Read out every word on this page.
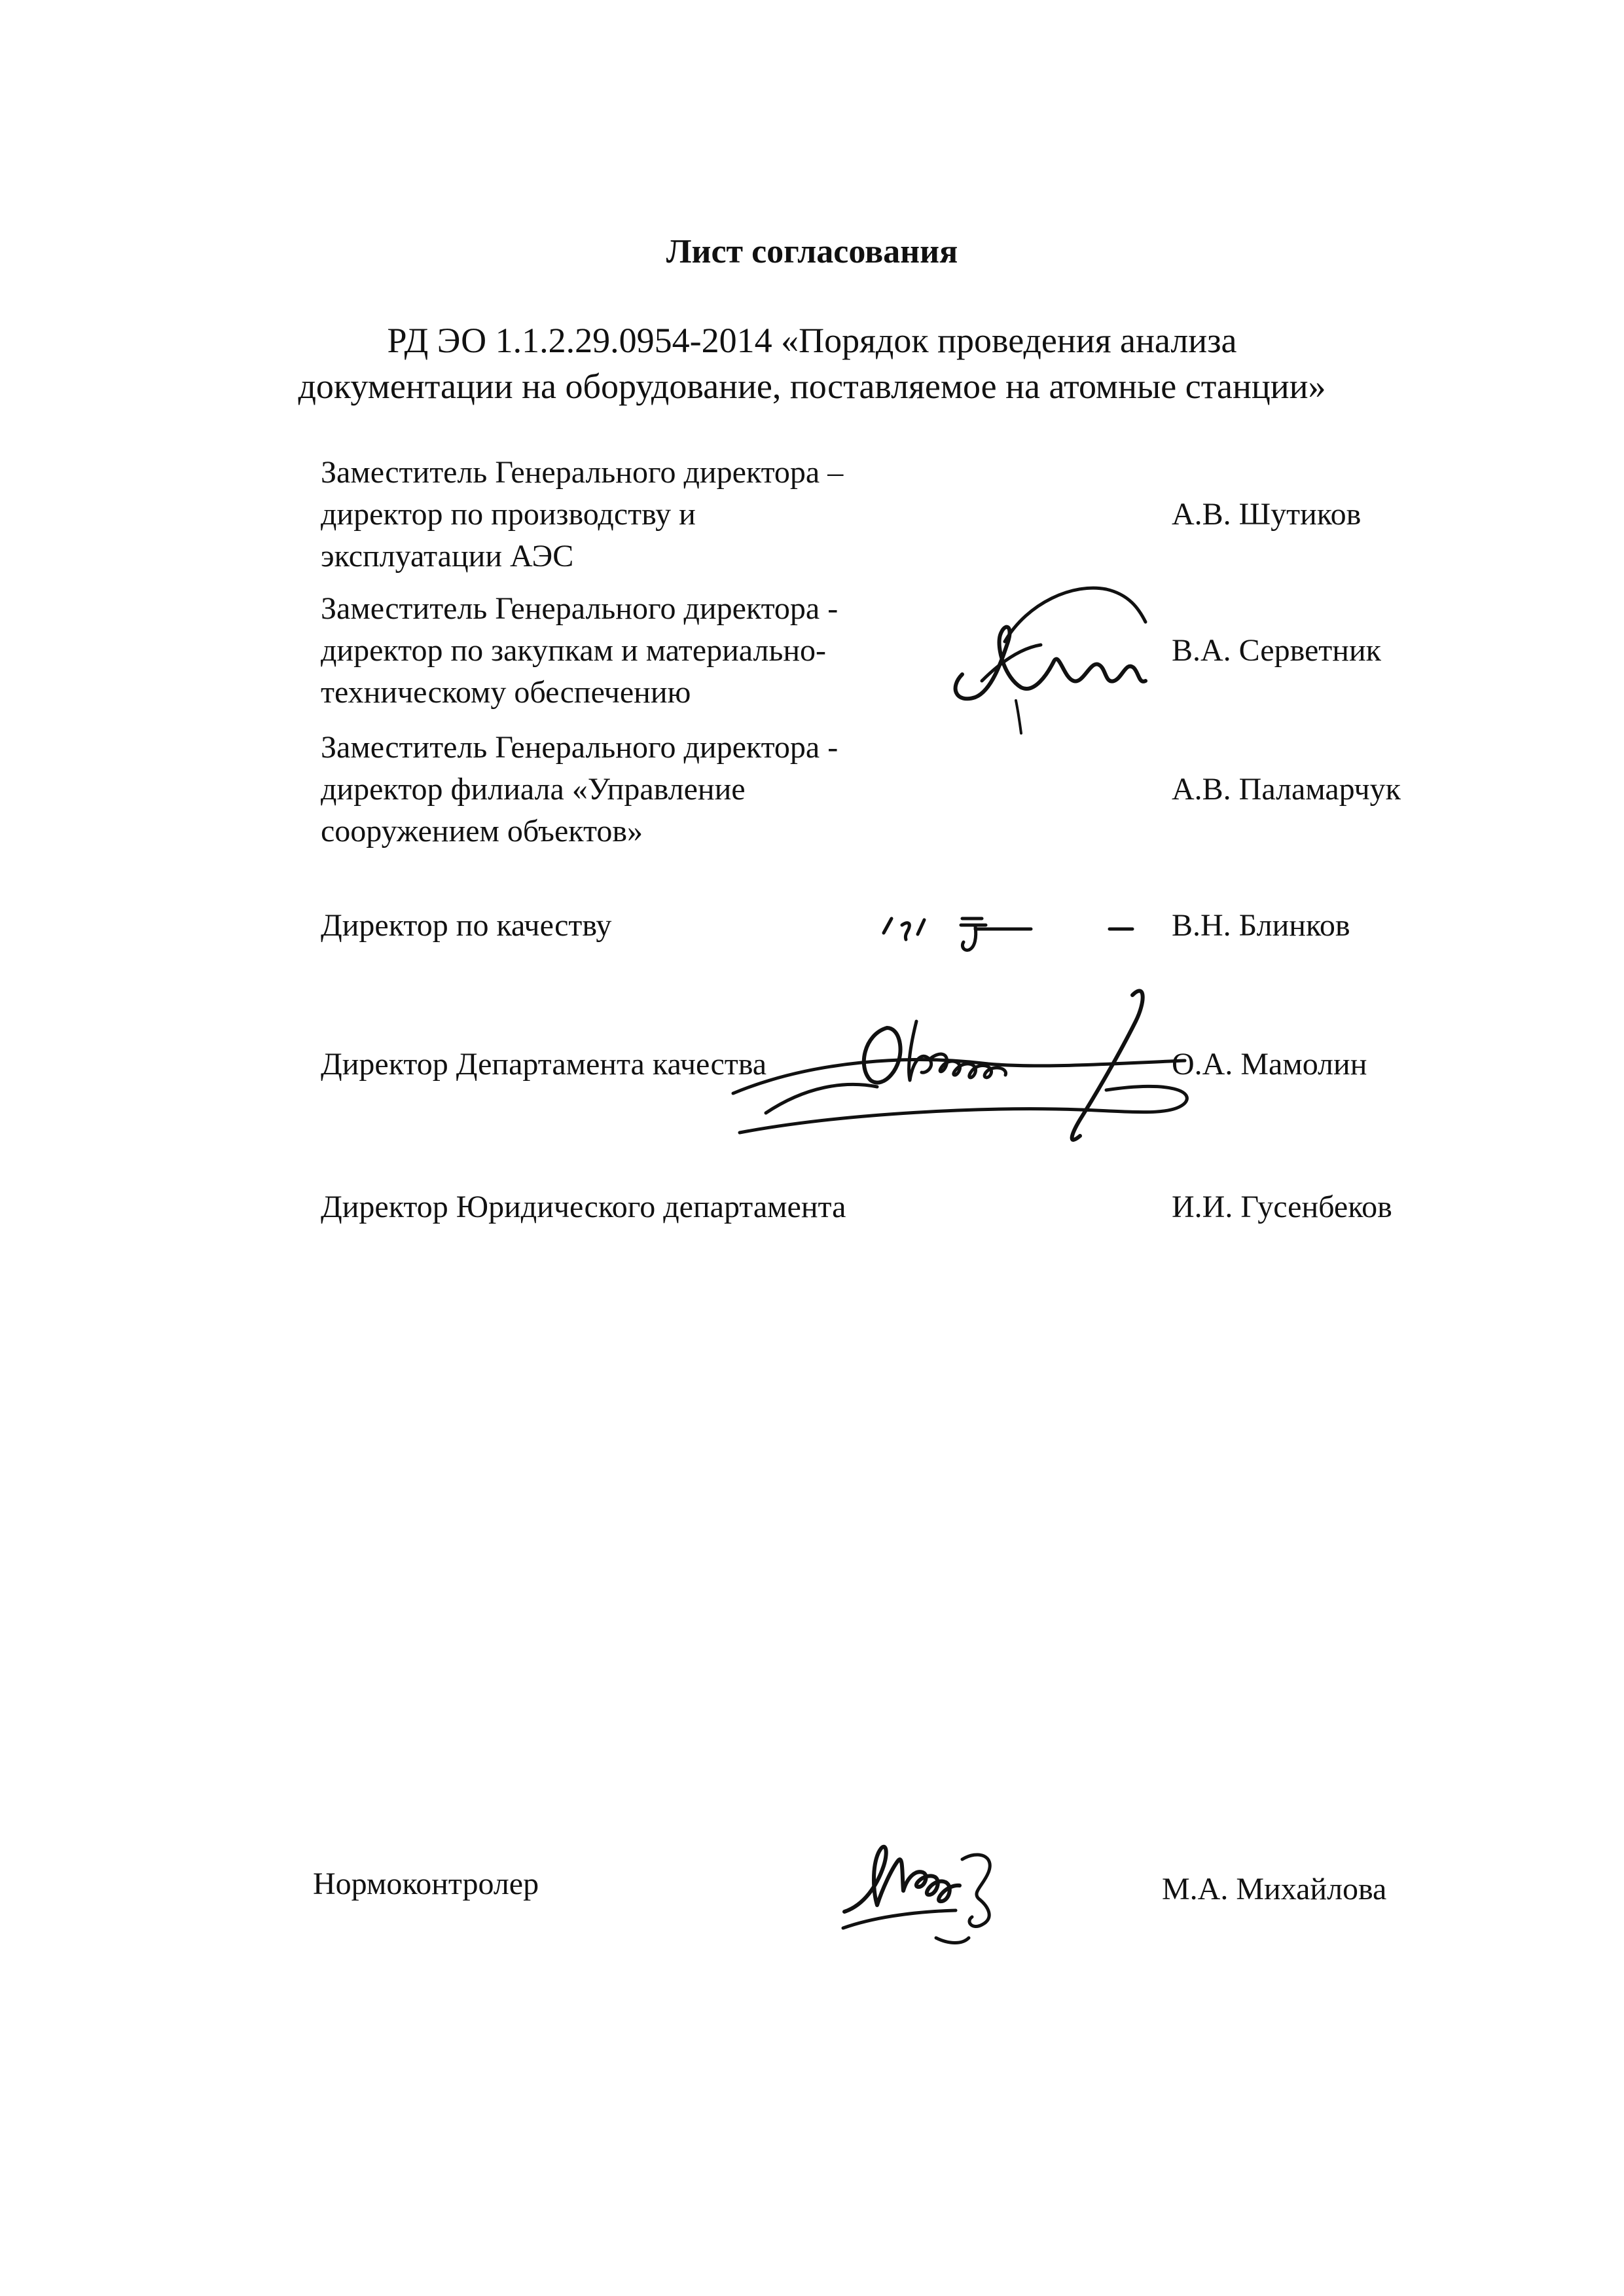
Лист согласования
РД ЭО 1.1.2.29.0954-2014 «Порядок проведения анализа
документации на оборудование, поставляемое на атомные станции»
Заместитель Генерального директора –
директор по производству и
эксплуатации АЭС
А.В. Шутиков
Заместитель Генерального директора -
директор по закупкам и материально-
техническому обеспечению
В.А. Серветник
Заместитель Генерального директора -
директор филиала «Управление
сооружением объектов»
А.В. Паламарчук
Директор по качеству	В.Н. Блинков
Директор Департамента качества	О.А. Мамолин
Директор Юридического департамента	И.И. Гусенбеков
Нормоконтролер	М.А. Михайлова
